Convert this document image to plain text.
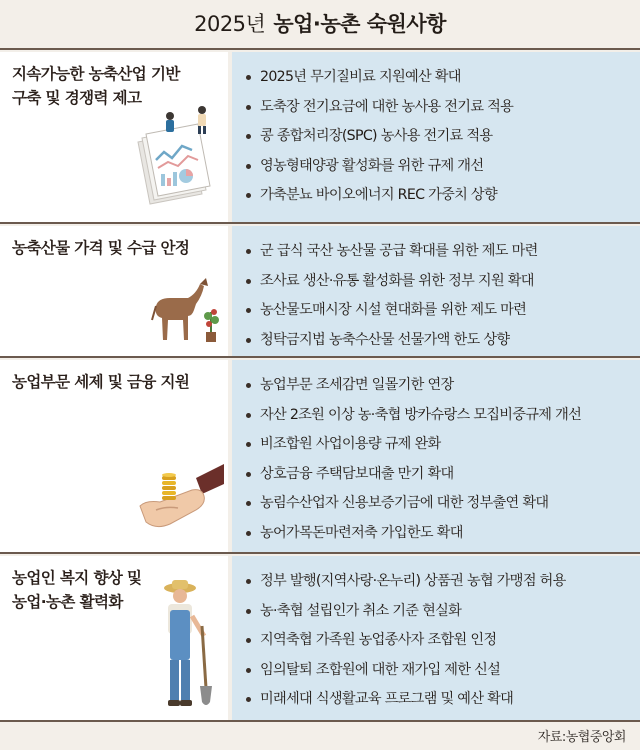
2025년 농업·농촌 숙원사항
지속가능한 농축산업 기반
구축 및 경쟁력 제고
2025년 무기질비료 지원예산 확대
도축장 전기요금에 대한 농사용 전기료 적용
콩 종합처리장(SPC) 농사용 전기료 적용
영농형태양광 활성화를 위한 규제 개선
가축분뇨 바이오에너지 REC 가중치 상향
농축산물 가격 및 수급 안정	군 급식 국산 농산물 공급 확대를 위한 제도 마련
조사료 생산·유통 활성화를 위한 정부 지원 확대
농산물도매시장 시설 현대화를 위한 제도 마련
청탁금지법 농축수산물 선물가액 한도 상향
농업부문 세제 및 금융 지원	농업부문 조세감면 일몰기한 연장
자산 2조원 이상 농·축협 방카슈랑스 모집비중규제 개선
비조합원 사업이용량 규제 완화
상호금융 주택담보대출 만기 확대
농림수산업자 신용보증기금에 대한 정부출연 확대
농어가목돈마련저축 가입한도 확대
농업인 복지 향상 및
농업·농촌 활력화
정부 발행(지역사랑·온누리) 상품권 농협 가맹점 허용
농·축협 설립인가 취소 기준 현실화
지역축협 가족원 농업종사자 조합원 인정
임의탈퇴 조합원에 대한 재가입 제한 신설
미래세대 식생활교육 프로그램 및 예산 확대
자료:농협중앙회
